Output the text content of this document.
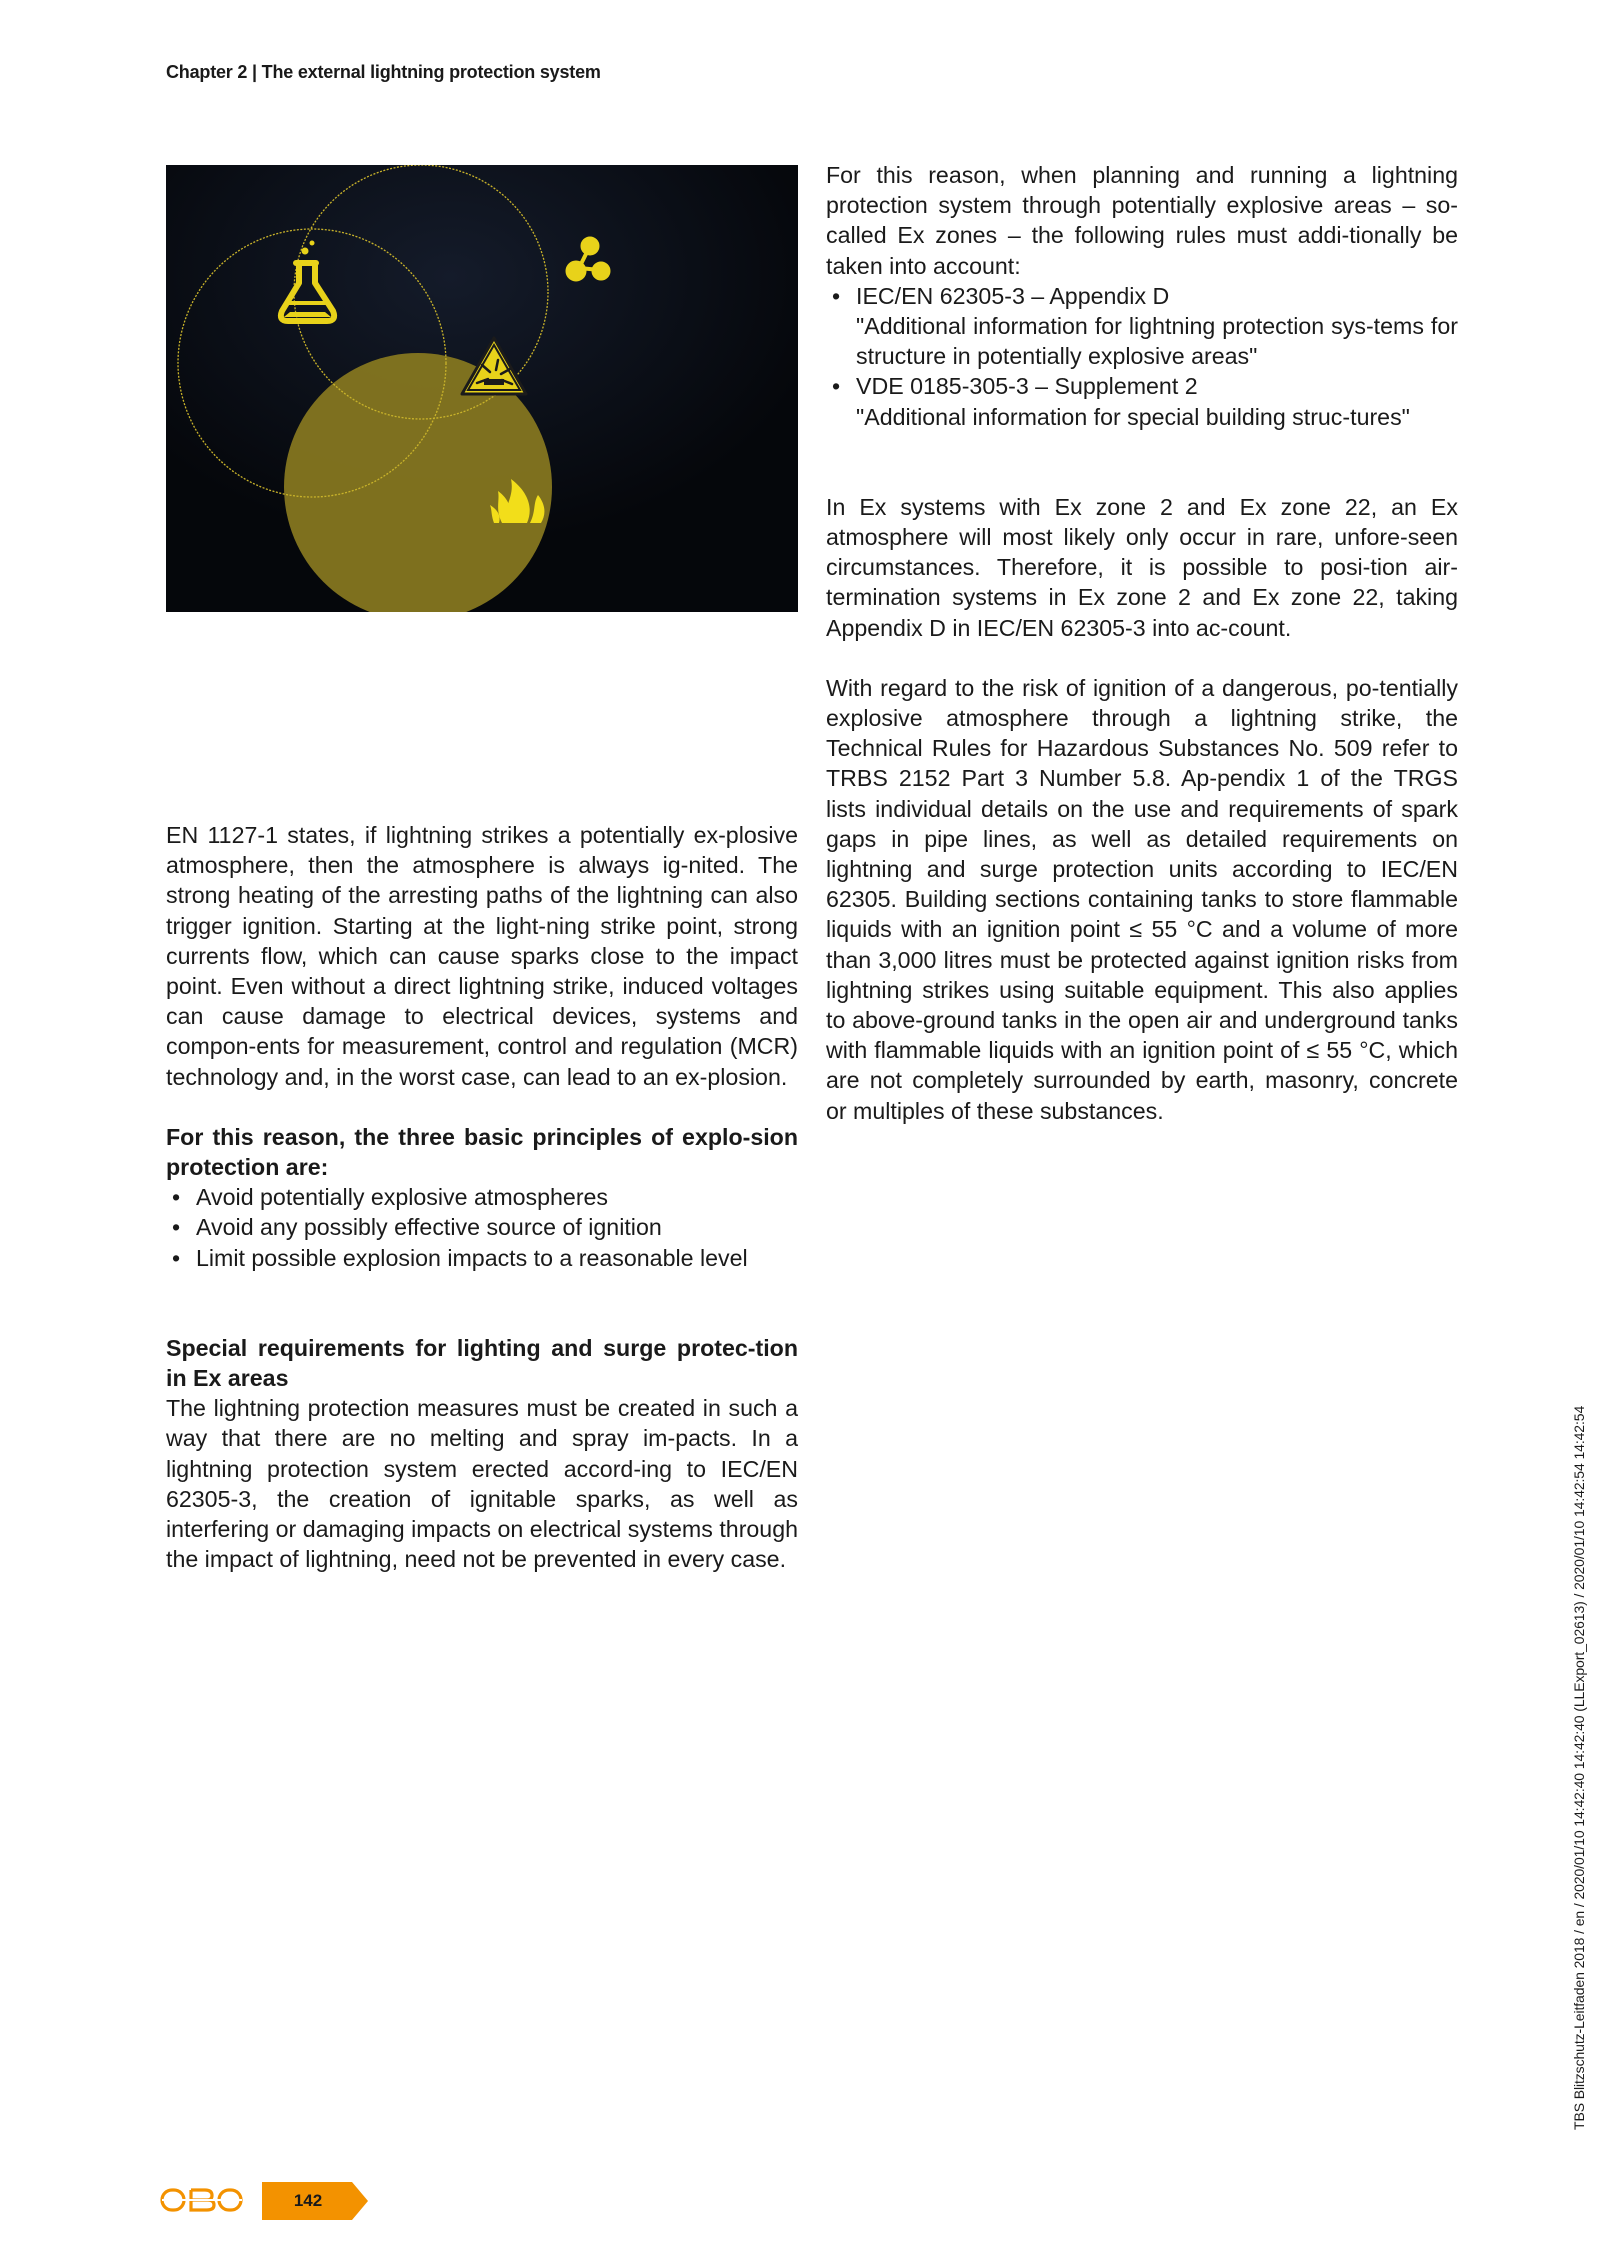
Chapter 2 | The external lightning protection system

For this reason, when planning and running a lightning protection system through potentially explosive areas – so-called Ex zones – the following rules must addi-tionally be taken into account:

• IEC/EN 62305-3 – Appendix D
"Additional information for lightning protection sys-tems for structure in potentially explosive areas"
• VDE 0185-305-3 – Supplement 2
"Additional information for special building struc-tures"

In Ex systems with Ex zone 2 and Ex zone 22, an Ex atmosphere will most likely only occur in rare, unfore-seen circumstances. Therefore, it is possible to posi-tion air-termination systems in Ex zone 2 and Ex zone 22, taking Appendix D in IEC/EN 62305-3 into ac-count.

With regard to the risk of ignition of a dangerous, po-tentially explosive atmosphere through a lightning strike, the Technical Rules for Hazardous Substances No. 509 refer to TRBS 2152 Part 3 Number 5.8. Ap-pendix 1 of the TRGS lists individual details on the use and requirements of spark gaps in pipe lines, as well as detailed requirements on lightning and surge protection units according to IEC/EN 62305. Building sections containing tanks to store flammable liquids with an ignition point ≤ 55 °C and a volume of more than 3,000 litres must be protected against ignition risks from lightning strikes using suitable equipment. This also applies to above-ground tanks in the open air and underground tanks with flammable liquids with an ignition point of ≤ 55 °C, which are not completely surrounded by earth, masonry, concrete or multiples of these substances.

EN 1127-1 states, if lightning strikes a potentially ex-plosive atmosphere, then the atmosphere is always ig-nited. The strong heating of the arresting paths of the lightning can also trigger ignition. Starting at the light-ning strike point, strong currents flow, which can cause sparks close to the impact point. Even without a direct lightning strike, induced voltages can cause damage to electrical devices, systems and compon-ents for measurement, control and regulation (MCR) technology and, in the worst case, can lead to an ex-plosion.

For this reason, the three basic principles of explo-sion protection are:

• Avoid potentially explosive atmospheres
• Avoid any possibly effective source of ignition
• Limit possible explosion impacts to a reasonable level

Special requirements for lighting and surge protec-tion in Ex areas

The lightning protection measures must be created in such a way that there are no melting and spray im-pacts. In a lightning protection system erected accord-ing to IEC/EN 62305-3, the creation of ignitable sparks, as well as interfering or damaging impacts on electrical systems through the impact of lightning, need not be prevented in every case.

142
TBS Blitzschutz-Leitfaden 2018 / en / 2020/01/10 14:42:40 14:42:40 (LLExport_02613) / 2020/01/10 14:42:54 14:42:54
